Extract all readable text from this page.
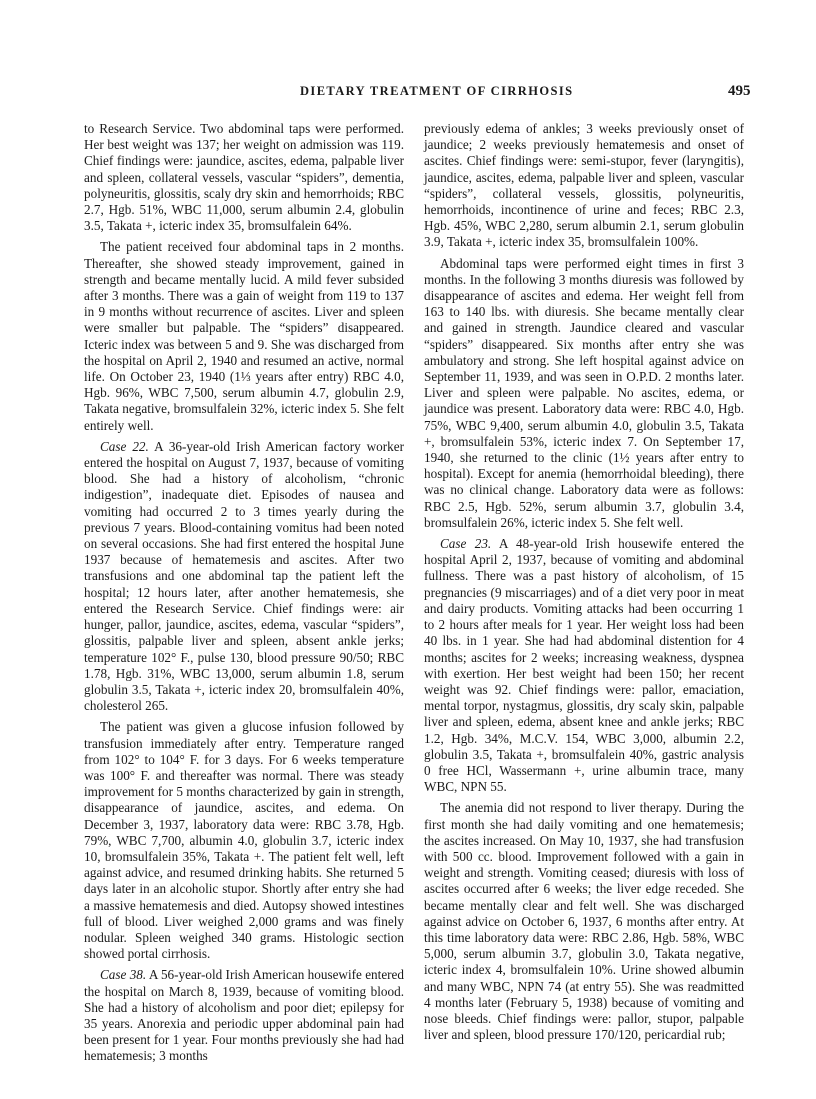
DIETARY TREATMENT OF CIRRHOSIS	495

to Research Service. Two abdominal taps were performed. Her best weight was 137; her weight on admission was 119. Chief findings were: jaundice, ascites, edema, palpable liver and spleen, collateral vessels, vascular “spiders”, dementia, polyneuritis, glossitis, scaly dry skin and hemorrhoids; RBC 2.7, Hgb. 51%, WBC 11,000, serum albumin 2.4, globulin 3.5, Takata +, icteric index 35, bromsulfalein 64%.

The patient received four abdominal taps in 2 months. Thereafter, she showed steady improvement, gained in strength and became mentally lucid. A mild fever subsided after 3 months. There was a gain of weight from 119 to 137 in 9 months without recurrence of ascites. Liver and spleen were smaller but palpable. The “spiders” disappeared. Icteric index was between 5 and 9. She was discharged from the hospital on April 2, 1940 and resumed an active, normal life. On October 23, 1940 (1⅓ years after entry) RBC 4.0, Hgb. 96%, WBC 7,500, serum albumin 4.7, globulin 2.9, Takata negative, bromsulfalein 32%, icteric index 5. She felt entirely well.

Case 22. A 36-year-old Irish American factory worker entered the hospital on August 7, 1937, because of vomiting blood. She had a history of alcoholism, “chronic indigestion”, inadequate diet. Episodes of nausea and vomiting had occurred 2 to 3 times yearly during the previous 7 years. Blood-containing vomitus had been noted on several occasions. She had first entered the hospital June 1937 because of hematemesis and ascites. After two transfusions and one abdominal tap the patient left the hospital; 12 hours later, after another hematemesis, she entered the Research Service. Chief findings were: air hunger, pallor, jaundice, ascites, edema, vascular “spiders”, glossitis, palpable liver and spleen, absent ankle jerks; temperature 102° F., pulse 130, blood pressure 90/50; RBC 1.78, Hgb. 31%, WBC 13,000, serum albumin 1.8, serum globulin 3.5, Takata +, icteric index 20, bromsulfalein 40%, cholesterol 265.

The patient was given a glucose infusion followed by transfusion immediately after entry. Temperature ranged from 102° to 104° F. for 3 days. For 6 weeks temperature was 100° F. and thereafter was normal. There was steady improvement for 5 months characterized by gain in strength, disappearance of jaundice, ascites, and edema. On December 3, 1937, laboratory data were: RBC 3.78, Hgb. 79%, WBC 7,700, albumin 4.0, globulin 3.7, icteric index 10, bromsulfalein 35%, Takata +. The patient felt well, left against advice, and resumed drinking habits. She returned 5 days later in an alcoholic stupor. Shortly after entry she had a massive hematemesis and died. Autopsy showed intestines full of blood. Liver weighed 2,000 grams and was finely nodular. Spleen weighed 340 grams. Histologic section showed portal cirrhosis.

Case 38. A 56-year-old Irish American housewife entered the hospital on March 8, 1939, because of vomiting blood. She had a history of alcoholism and poor diet; epilepsy for 35 years. Anorexia and periodic upper abdominal pain had been present for 1 year. Four months previously she had had hematemesis; 3 months

previously edema of ankles; 3 weeks previously onset of jaundice; 2 weeks previously hematemesis and onset of ascites. Chief findings were: semi-stupor, fever (laryngitis), jaundice, ascites, edema, palpable liver and spleen, vascular “spiders”, collateral vessels, glossitis, polyneuritis, hemorrhoids, incontinence of urine and feces; RBC 2.3, Hgb. 45%, WBC 2,280, serum albumin 2.1, serum globulin 3.9, Takata +, icteric index 35, bromsulfalein 100%.

Abdominal taps were performed eight times in first 3 months. In the following 3 months diuresis was followed by disappearance of ascites and edema. Her weight fell from 163 to 140 lbs. with diuresis. She became mentally clear and gained in strength. Jaundice cleared and vascular “spiders” disappeared. Six months after entry she was ambulatory and strong. She left hospital against advice on September 11, 1939, and was seen in O.P.D. 2 months later. Liver and spleen were palpable. No ascites, edema, or jaundice was present. Laboratory data were: RBC 4.0, Hgb. 75%, WBC 9,400, serum albumin 4.0, globulin 3.5, Takata +, bromsulfalein 53%, icteric index 7. On September 17, 1940, she returned to the clinic (1½ years after entry to hospital). Except for anemia (hemorrhoidal bleeding), there was no clinical change. Laboratory data were as follows: RBC 2.5, Hgb. 52%, serum albumin 3.7, globulin 3.4, bromsulfalein 26%, icteric index 5. She felt well.

Case 23. A 48-year-old Irish housewife entered the hospital April 2, 1937, because of vomiting and abdominal fullness. There was a past history of alcoholism, of 15 pregnancies (9 miscarriages) and of a diet very poor in meat and dairy products. Vomiting attacks had been occurring 1 to 2 hours after meals for 1 year. Her weight loss had been 40 lbs. in 1 year. She had had abdominal distention for 4 months; ascites for 2 weeks; increasing weakness, dyspnea with exertion. Her best weight had been 150; her recent weight was 92. Chief findings were: pallor, emaciation, mental torpor, nystagmus, glossitis, dry scaly skin, palpable liver and spleen, edema, absent knee and ankle jerks; RBC 1.2, Hgb. 34%, M.C.V. 154, WBC 3,000, albumin 2.2, globulin 3.5, Takata +, bromsulfalein 40%, gastric analysis 0 free HCl, Wassermann +, urine albumin trace, many WBC, NPN 55.

The anemia did not respond to liver therapy. During the first month she had daily vomiting and one hematemesis; the ascites increased. On May 10, 1937, she had transfusion with 500 cc. blood. Improvement followed with a gain in weight and strength. Vomiting ceased; diuresis with loss of ascites occurred after 6 weeks; the liver edge receded. She became mentally clear and felt well. She was discharged against advice on October 6, 1937, 6 months after entry. At this time laboratory data were: RBC 2.86, Hgb. 58%, WBC 5,000, serum albumin 3.7, globulin 3.0, Takata negative, icteric index 4, bromsulfalein 10%. Urine showed albumin and many WBC, NPN 74 (at entry 55). She was readmitted 4 months later (February 5, 1938) because of vomiting and nose bleeds. Chief findings were: pallor, stupor, palpable liver and spleen, blood pressure 170/120, pericardial rub;
